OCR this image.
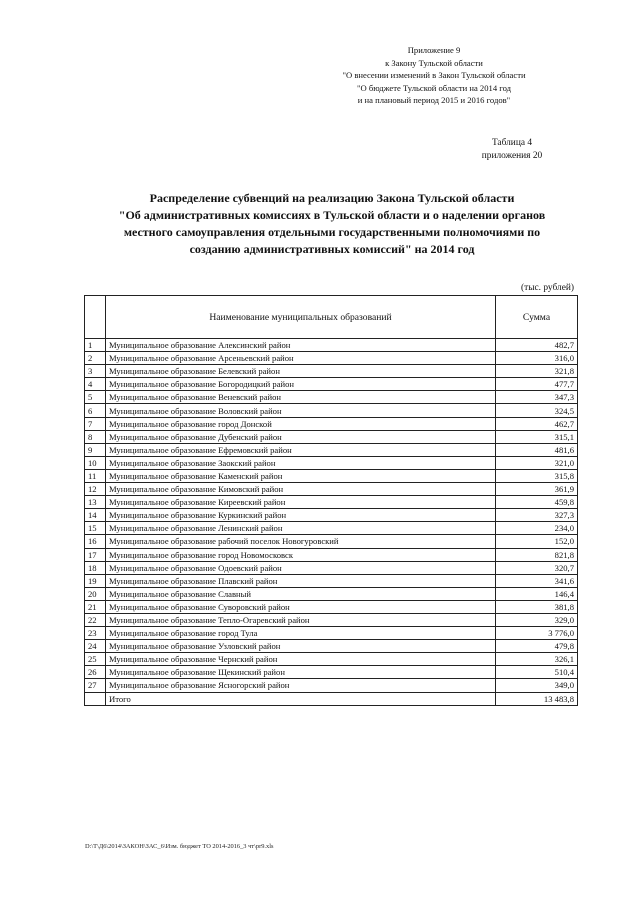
Приложение 9
к Закону Тульской области
"О внесении изменений в Закон Тульской области
"О бюджете Тульской области на 2014 год
и на плановый период 2015 и 2016 годов"
Таблица 4
приложения 20
Распределение субвенций на реализацию Закона Тульской области
"Об административных комиссиях в Тульской области и о наделении органов
местного самоуправления отдельными государственными полномочиями по
созданию административных комиссий" на 2014 год
(тыс. рублей)
	Наименование муниципальных образований	Сумма
1	Муниципальное образование Алексинский район	482,7
2	Муниципальное образование Арсеньевский район	316,0
3	Муниципальное образование Белевский район	321,8
4	Муниципальное образование Богородицкий район	477,7
5	Муниципальное образование Веневский район	347,3
6	Муниципальное образование Воловский район	324,5
7	Муниципальное образование город Донской	462,7
8	Муниципальное образование Дубенский район	315,1
9	Муниципальное образование Ефремовский район	481,6
10	Муниципальное образование Заокский район	321,0
11	Муниципальное образование Каменский район	315,8
12	Муниципальное образование Кимовский район	361,9
13	Муниципальное образование Киреевский район	459,8
14	Муниципальное образование Куркинский район	327,3
15	Муниципальное образование Ленинский район	234,0
16	Муниципальное образование рабочий поселок Новогуровский	152,0
17	Муниципальное образование город Новомосковск	821,8
18	Муниципальное образование Одоевский район	320,7
19	Муниципальное образование Плавский район	341,6
20	Муниципальное образование Славный	146,4
21	Муниципальное образование Суворовский район	381,8
22	Муниципальное образование Тепло-Огаревский район	329,0
23	Муниципальное образование город Тула	3 776,0
24	Муниципальное образование Узловский район	479,8
25	Муниципальное образование Чернский район	326,1
26	Муниципальное образование Щекинский район	510,4
27	Муниципальное образование Ясногорский район	349,0
	Итого	13 483,8
D:\Т\Д6\2014\ЗАКОН\ЗАС_6\Изм. бюджет ТО 2014-2016_3 чт\pr9.xls
